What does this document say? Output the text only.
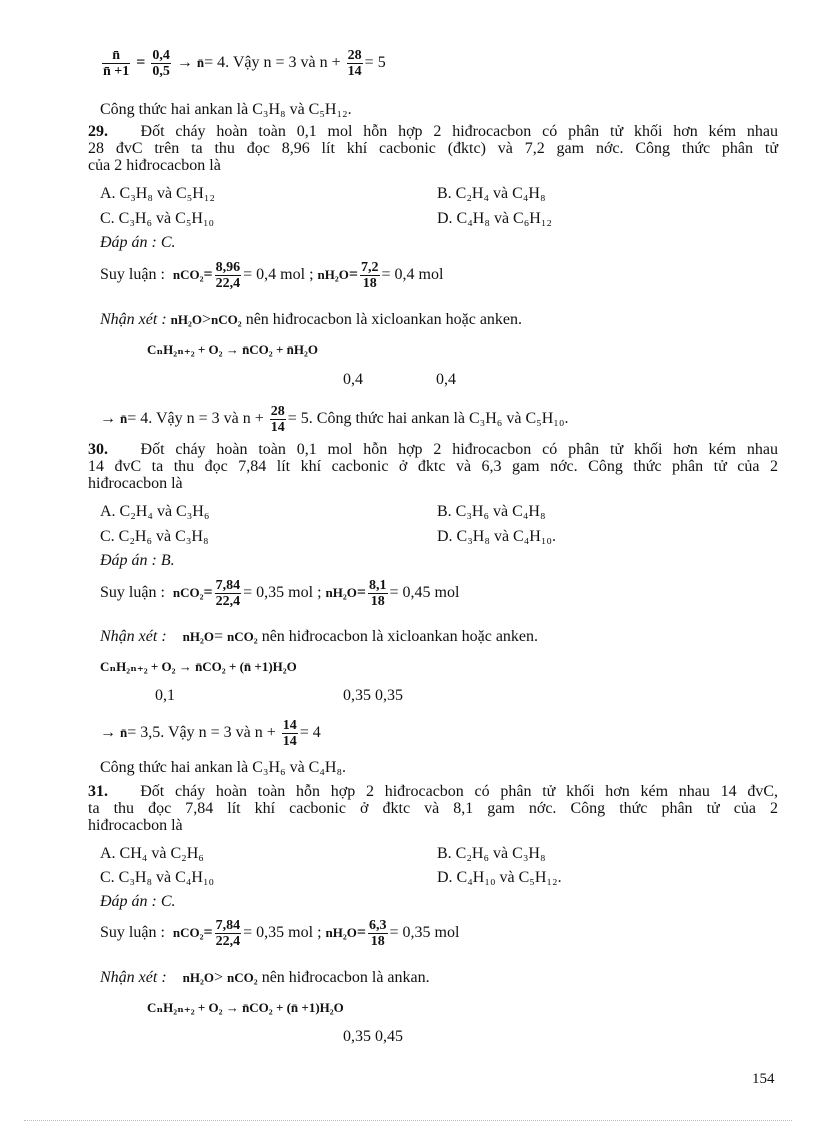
$\frac{n̄}{n̄ +1} = \frac{0,4}{0,5}$ → n̄= 4. Vậy n = 3 và $n + \frac{28}{14} = 5$
Công thức hai ankan là C₃H₈ và C₅H₁₂.
29. Đốt cháy hoàn toàn 0,1 mol hỗn hợp 2 hiđrocacbon có phân tử khối hơn kém nhau
28 đvC trên ta thu đọc 8,96 lít khí cacbonic (đktc) và 7,2 gam nớc. Công thức phân tử
của 2 hiđrocacbon là
A. C₃H₈ và C₅H₁₂	B. C₂H₄ và C₄H₈
C. C₃H₆ và C₅H₁₀	D. C₄H₈ và C₆H₁₂
Đáp án : C.
Suy luận : $nCO_2= \frac{8,96}{22,4} = 0,4$ mol ; $nH_2O= \frac{7,2}{18} = 0,4$ mol
Nhận xét : nH₂O>nCO₂ nên hiđrocacbon là xicloankan hoặc anken.
CₙH₂ₙ₊₂ + O₂ → n̄CO₂ + n̄H₂O
0,4	0,4
→ n̄= 4. Vậy n = 3 và $n + \frac{28}{14} = 5$. Công thức hai ankan là C₃H₆ và C₅H₁₀.
30. Đốt cháy hoàn toàn 0,1 mol hỗn hợp 2 hiđrocacbon có phân tử khối hơn kém nhau
14 đvC ta thu đọc 7,84 lít khí cacbonic ở đktc và 6,3 gam nớc. Công thức phân tử của 2
hiđrocacbon là
A. C₂H₄ và C₃H₆	B. C₃H₆ và C₄H₈
C. C₂H₆ và C₃H₈	D. C₃H₈ và C₄H₁₀.
Đáp án : B.
Suy luận : $nCO_2= \frac{7,84}{22,4} = 0,35$ mol ; $nH_2O= \frac{8,1}{18} = 0,45$ mol
Nhận xét : nH₂O= nCO₂ nên hiđrocacbon là xicloankan hoặc anken.
CₙH₂ₙ₊₂ + O₂ → n̄CO₂ + (n̄ +1)H₂O
0,1	0,35 0,35
→ n̄= 3,5. Vậy n = 3 và $n + \frac{14}{14} = 4$
Công thức hai ankan là C₃H₆ và C₄H₈.
31. Đốt cháy hoàn toàn hỗn hợp 2 hiđrocacbon có phân tử khối hơn kém nhau 14 đvC,
ta thu đọc 7,84 lít khí cacbonic ở đktc và 8,1 gam nớc. Công thức phân tử của 2
hiđrocacbon là
A. CH₄ và C₂H₆	B. C₂H₆ và C₃H₈
C. C₃H₈ và C₄H₁₀	D. C₄H₁₀ và C₅H₁₂.
Đáp án : C.
Suy luận : $nCO_2= \frac{7,84}{22,4} = 0,35$ mol ; $nH_2O= \frac{6,3}{18} = 0,35$ mol
Nhận xét : nH₂O> nCO₂ nên hiđrocacbon là ankan.
CₙH₂ₙ₊₂ + O₂ → n̄CO₂ + (n̄ +1)H₂O
0,35 0,45
154
